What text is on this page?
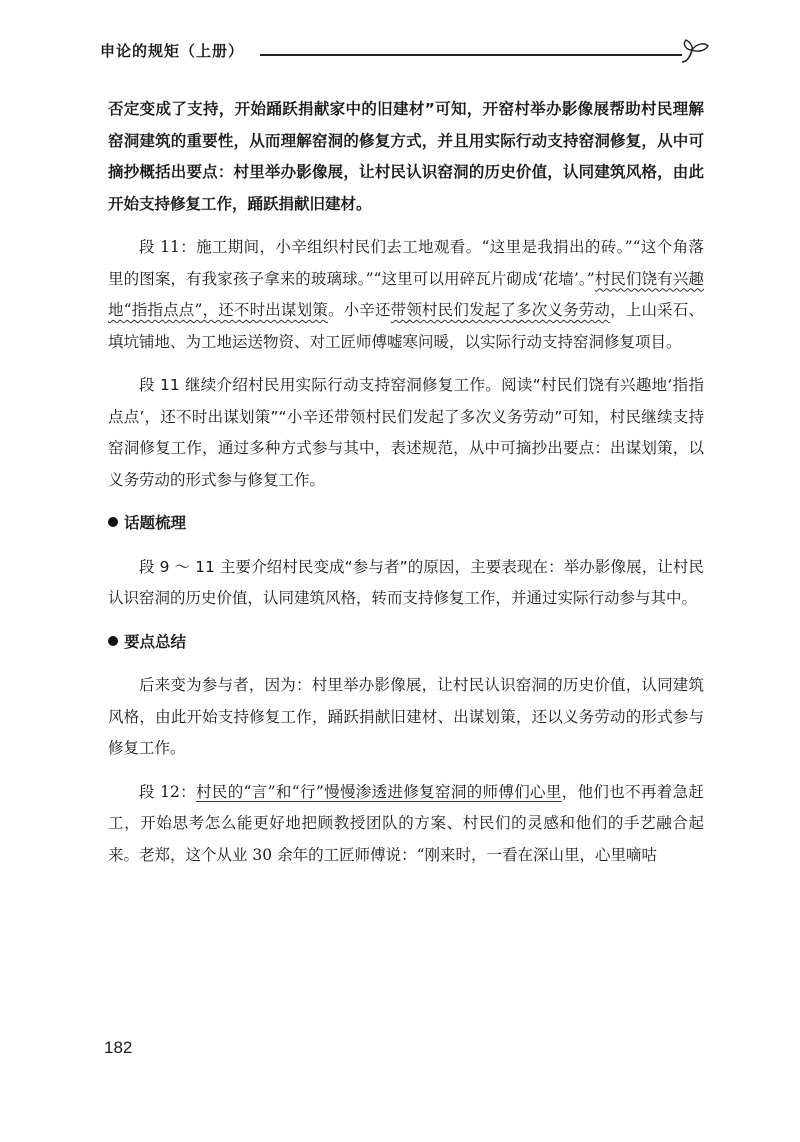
申论的规矩（上册）

否定变成了支持，开始踊跃捐献家中的旧建材”可知，开窑村举办影像展帮助村民理解窑洞建筑的重要性，从而理解窑洞的修复方式，并且用实际行动支持窑洞修复，从中可摘抄概括出要点：村里举办影像展，让村民认识窑洞的历史价值，认同建筑风格，由此开始支持修复工作，踊跃捐献旧建材。

段 11：施工期间，小辛组织村民们去工地观看。“这里是我捐出的砖。”“这个角落里的图案，有我家孩子拿来的玻璃球。”“这里可以用碎瓦片砌成‘花墙’。”村民们饶有兴趣地“指指点点”，还不时出谋划策。小辛还带领村民们发起了多次义务劳动，上山采石、填坑铺地、为工地运送物资、对工匠师傅嘘寒问暖，以实际行动支持窑洞修复项目。

段 11 继续介绍村民用实际行动支持窑洞修复工作。阅读“村民们饶有兴趣地‘指指点点’，还不时出谋划策”“小辛还带领村民们发起了多次义务劳动”可知，村民继续支持窑洞修复工作，通过多种方式参与其中，表述规范，从中可摘抄出要点：出谋划策，以义务劳动的形式参与修复工作。

话题梳理

段 9 ～ 11 主要介绍村民变成“参与者”的原因，主要表现在：举办影像展，让村民认识窑洞的历史价值，认同建筑风格，转而支持修复工作，并通过实际行动参与其中。

要点总结

后来变为参与者，因为：村里举办影像展，让村民认识窑洞的历史价值，认同建筑风格，由此开始支持修复工作，踊跃捐献旧建材、出谋划策，还以义务劳动的形式参与修复工作。

段 12：村民的“言”和“行”慢慢渗透进修复窑洞的师傅们心里，他们也不再着急赶工，开始思考怎么能更好地把顾教授团队的方案、村民们的灵感和他们的手艺融合起来。老郑，这个从业 30 余年的工匠师傅说：“刚来时，一看在深山里，心里嘀咕

182
